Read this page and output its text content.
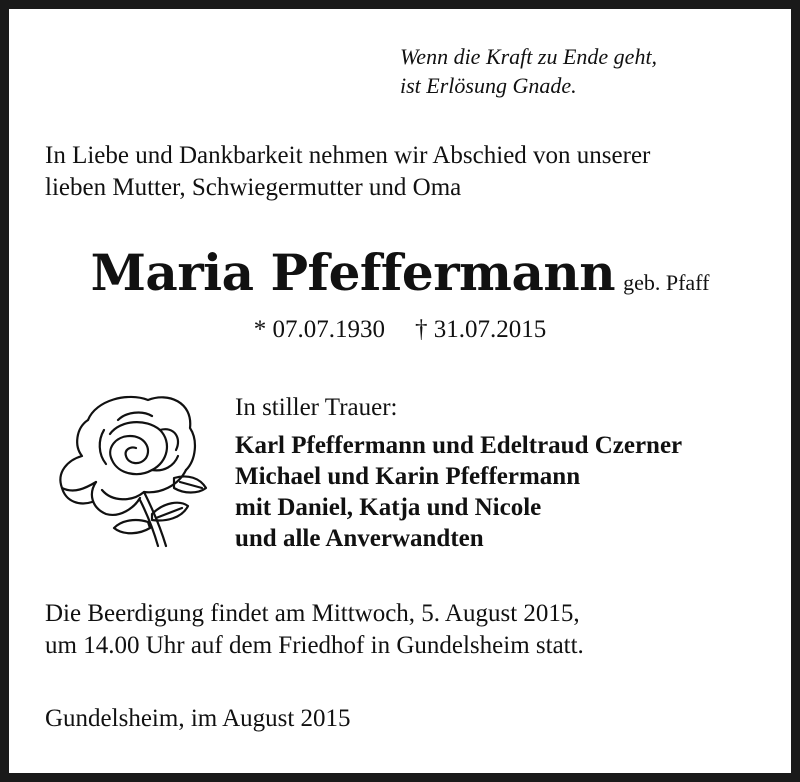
Wenn die Kraft zu Ende geht,
ist Erlösung Gnade.
In Liebe und Dankbarkeit nehmen wir Abschied von unserer
lieben Mutter, Schwiegermutter und Oma
Maria Pfeffermann geb. Pfaff
* 07.07.1930 † 31.07.2015
In stiller Trauer:
Karl Pfeffermann und Edeltraud Czerner
Michael und Karin Pfeffermann
mit Daniel, Katja und Nicole
und alle Anverwandten
Die Beerdigung findet am Mittwoch, 5. August 2015,
um 14.00 Uhr auf dem Friedhof in Gundelsheim statt.
Gundelsheim, im August 2015
